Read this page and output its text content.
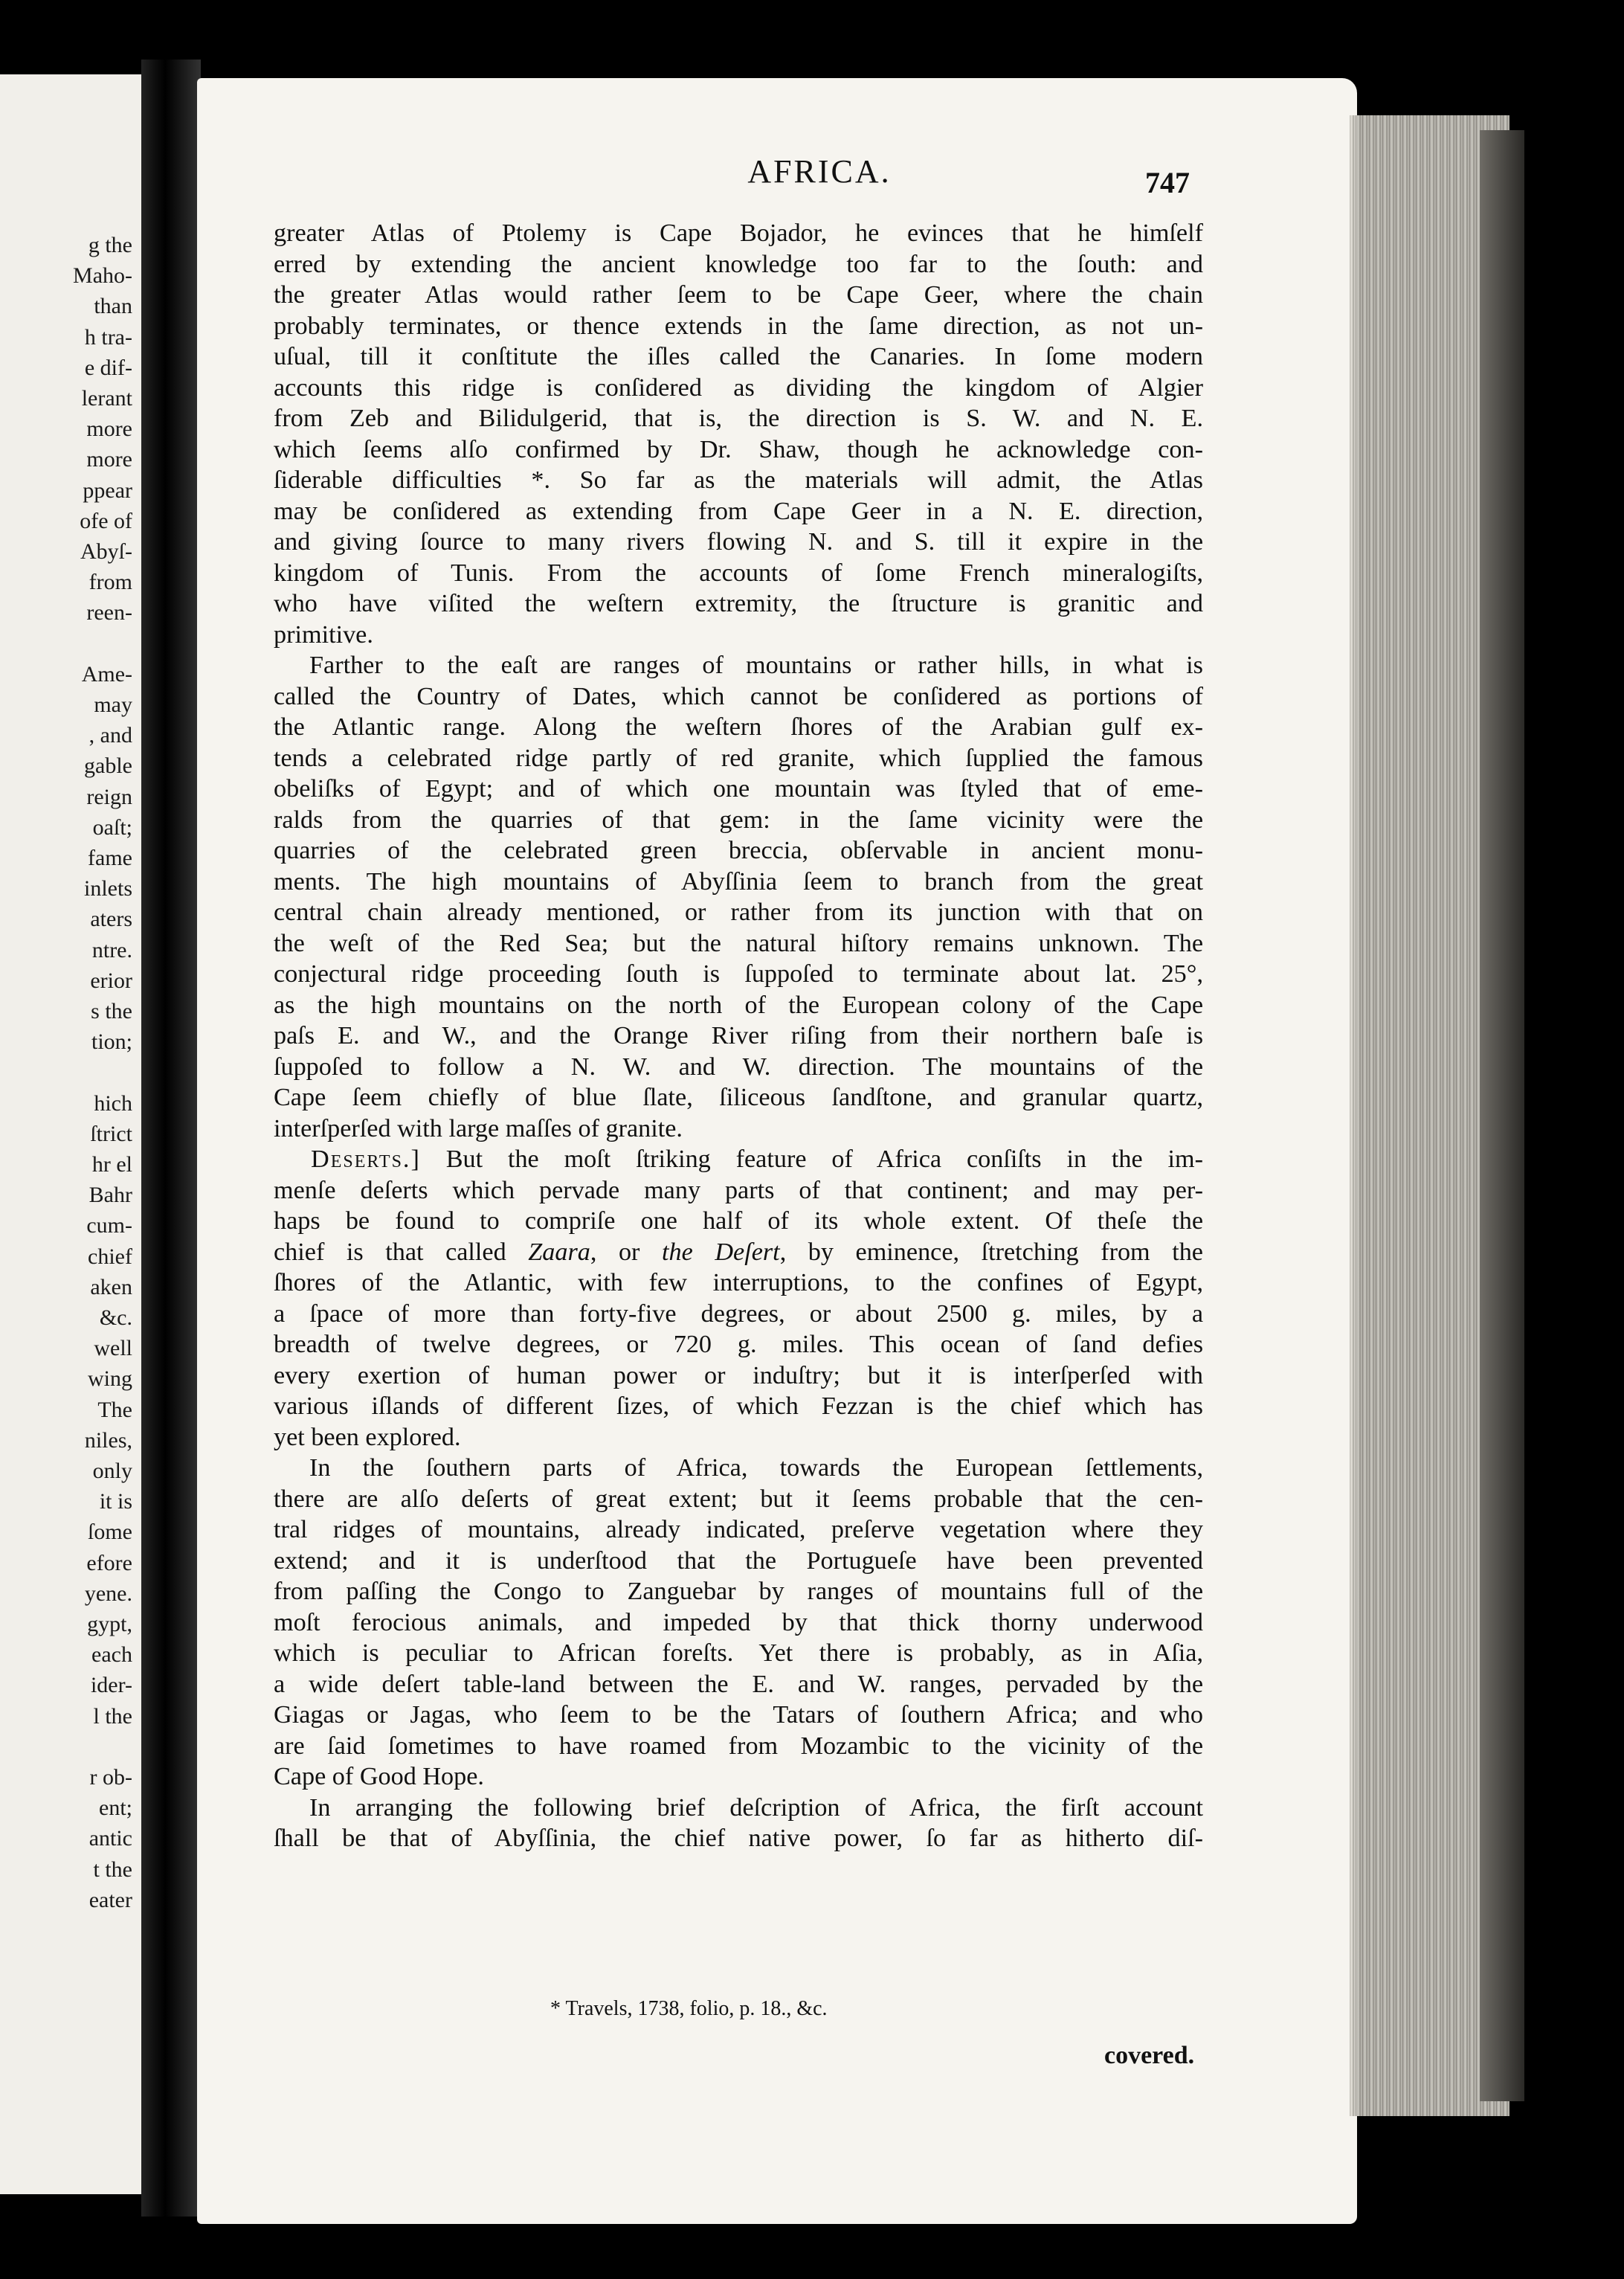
g the
Maho-
than
h tra-
e dif-
lerant
more
more
ppear
ofe of
Abyſ-
from
reen-
Ame-
may
, and
gable
reign
oaſt;
fame
inlets
aters
ntre.
erior
s the
tion;
hich
ſtrict
hr el
Bahr
cum-
chief
aken
&c.
well
wing
The
niles,
only
it is
ſome
efore
yene.
gypt,
each
ider-
l the
r ob-
ent;
antic
t the
eater
AFRICA.	747
greater Atlas of Ptolemy is Cape Bojador, he evinces that he himſelf
erred by extending the ancient knowledge too far to the ſouth: and
the greater Atlas would rather ſeem to be Cape Geer, where the chain
probably terminates, or thence extends in the ſame direction, as not un-
uſual, till it conſtitute the iſles called the Canaries. In ſome modern
accounts this ridge is conſidered as dividing the kingdom of Algier
from Zeb and Bilidulgerid, that is, the direction is S. W. and N. E.
which ſeems alſo confirmed by Dr. Shaw, though he acknowledge con-
ſiderable difficulties *. So far as the materials will admit, the Atlas
may be conſidered as extending from Cape Geer in a N. E. direction,
and giving ſource to many rivers flowing N. and S. till it expire in the
kingdom of Tunis. From the accounts of ſome French mineralogiſts,
who have viſited the weſtern extremity, the ſtructure is granitic and
primitive.
Farther to the eaſt are ranges of mountains or rather hills, in what is
called the Country of Dates, which cannot be conſidered as portions of
the Atlantic range. Along the weſtern ſhores of the Arabian gulf ex-
tends a celebrated ridge partly of red granite, which ſupplied the famous
obeliſks of Egypt; and of which one mountain was ſtyled that of eme-
ralds from the quarries of that gem: in the ſame vicinity were the
quarries of the celebrated green breccia, obſervable in ancient monu-
ments. The high mountains of Abyſſinia ſeem to branch from the great
central chain already mentioned, or rather from its junction with that on
the weſt of the Red Sea; but the natural hiſtory remains unknown. The
conjectural ridge proceeding ſouth is ſuppoſed to terminate about lat. 25°,
as the high mountains on the north of the European colony of the Cape
paſs E. and W., and the Orange River riſing from their northern baſe is
ſuppoſed to follow a N. W. and W. direction. The mountains of the
Cape ſeem chiefly of blue ſlate, ſiliceous ſandſtone, and granular quartz,
interſperſed with large maſſes of granite.
Deserts.] But the moſt ſtriking feature of Africa conſiſts in the im-
menſe deſerts which pervade many parts of that continent; and may per-
haps be found to compriſe one half of its whole extent. Of theſe the
chief is that called Zaara, or the Deſert, by eminence, ſtretching from the
ſhores of the Atlantic, with few interruptions, to the confines of Egypt,
a ſpace of more than forty-five degrees, or about 2500 g. miles, by a
breadth of twelve degrees, or 720 g. miles. This ocean of ſand defies
every exertion of human power or induſtry; but it is interſperſed with
various iſlands of different ſizes, of which Fezzan is the chief which has
yet been explored.
In the ſouthern parts of Africa, towards the European ſettlements,
there are alſo deſerts of great extent; but it ſeems probable that the cen-
tral ridges of mountains, already indicated, preſerve vegetation where they
extend; and it is underſtood that the Portugueſe have been prevented
from paſſing the Congo to Zanguebar by ranges of mountains full of the
moſt ferocious animals, and impeded by that thick thorny underwood
which is peculiar to African foreſts. Yet there is probably, as in Aſia,
a wide deſert table-land between the E. and W. ranges, pervaded by the
Giagas or Jagas, who ſeem to be the Tatars of ſouthern Africa; and who
are ſaid ſometimes to have roamed from Mozambic to the vicinity of the
Cape of Good Hope.
In arranging the following brief deſcription of Africa, the firſt account
ſhall be that of Abyſſinia, the chief native power, ſo far as hitherto diſ-
* Travels, 1738, folio, p. 18., &c.
covered.
